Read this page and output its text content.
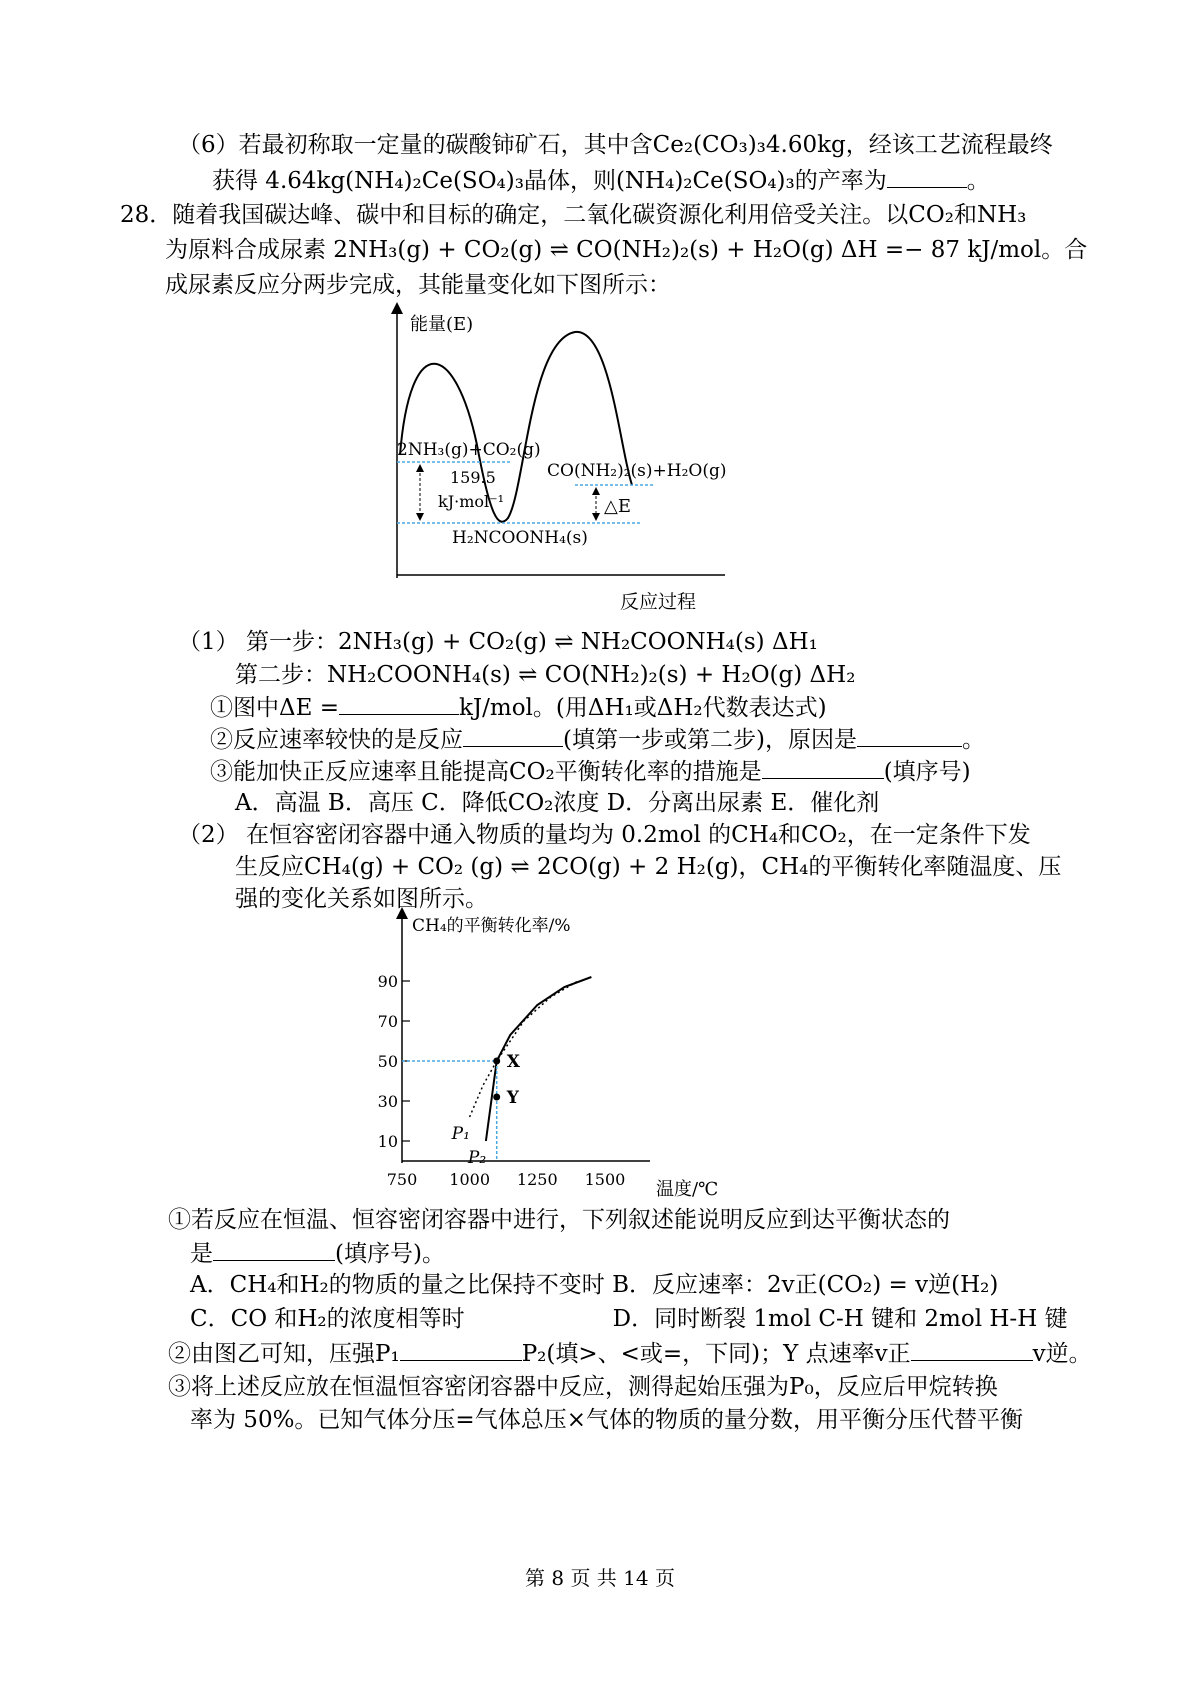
（6）若最初称取一定量的碳酸铈矿石，其中含Ce₂(CO₃)₃4.60kg，经该工艺流程最终
获得 4.64kg(NH₄)₂Ce(SO₄)₃晶体，则(NH₄)₂Ce(SO₄)₃的产率为	。
28．随着我国碳达峰、碳中和目标的确定，二氧化碳资源化利用倍受关注。以CO₂和NH₃
为原料合成尿素 2NH₃(g) + CO₂(g) ⇌ CO(NH₂)₂(s) + H₂O(g) ΔH =− 87 kJ/mol。合
成尿素反应分两步完成，其能量变化如下图所示：
能量(E)
反应过程
2NH₃(g)+CO₂(g)
159.5
kJ·mol⁻¹
CO(NH₂)₂(s)+H₂O(g)
△E
H₂NCOONH₄(s)
（1） 第一步：2NH₃(g) + CO₂(g) ⇌ NH₂COONH₄(s) ΔH₁
第二步：NH₂COONH₄(s) ⇌ CO(NH₂)₂(s) + H₂O(g) ΔH₂
①图中ΔE =	kJ/mol。(用ΔH₁或ΔH₂代数表达式)
②反应速率较快的是反应	(填第一步或第二步)，原因是	。
③能加快正反应速率且能提高CO₂平衡转化率的措施是	(填序号)
A．高温 B．高压 C．降低CO₂浓度 D．分离出尿素 E．催化剂
（2） 在恒容密闭容器中通入物质的量均为 0.2mol 的CH₄和CO₂，在一定条件下发
生反应CH₄(g) + CO₂ (g) ⇌ 2CO(g) + 2 H₂(g)，CH₄的平衡转化率随温度、压
强的变化关系如图所示。
CH₄的平衡转化率/%
温度/℃
10
30
50
70
90
750 1000 1250 1500
P₁
P₂
X
Y
①若反应在恒温、恒容密闭容器中进行，下列叙述能说明反应到达平衡状态的
是	(填序号)。
A．CH₄和H₂的物质的量之比保持不变时 B．反应速率：2v正(CO₂) = v逆(H₂)
C．CO 和H₂的浓度相等时	D．同时断裂 1mol C-H 键和 2mol H-H 键
②由图乙可知，压强P₁	P₂(填>、<或=，下同)；Y 点速率v正	v逆。
③将上述反应放在恒温恒容密闭容器中反应，测得起始压强为P₀，反应后甲烷转换
率为 50%。已知气体分压=气体总压×气体的物质的量分数，用平衡分压代替平衡
第 8 页 共 14 页
